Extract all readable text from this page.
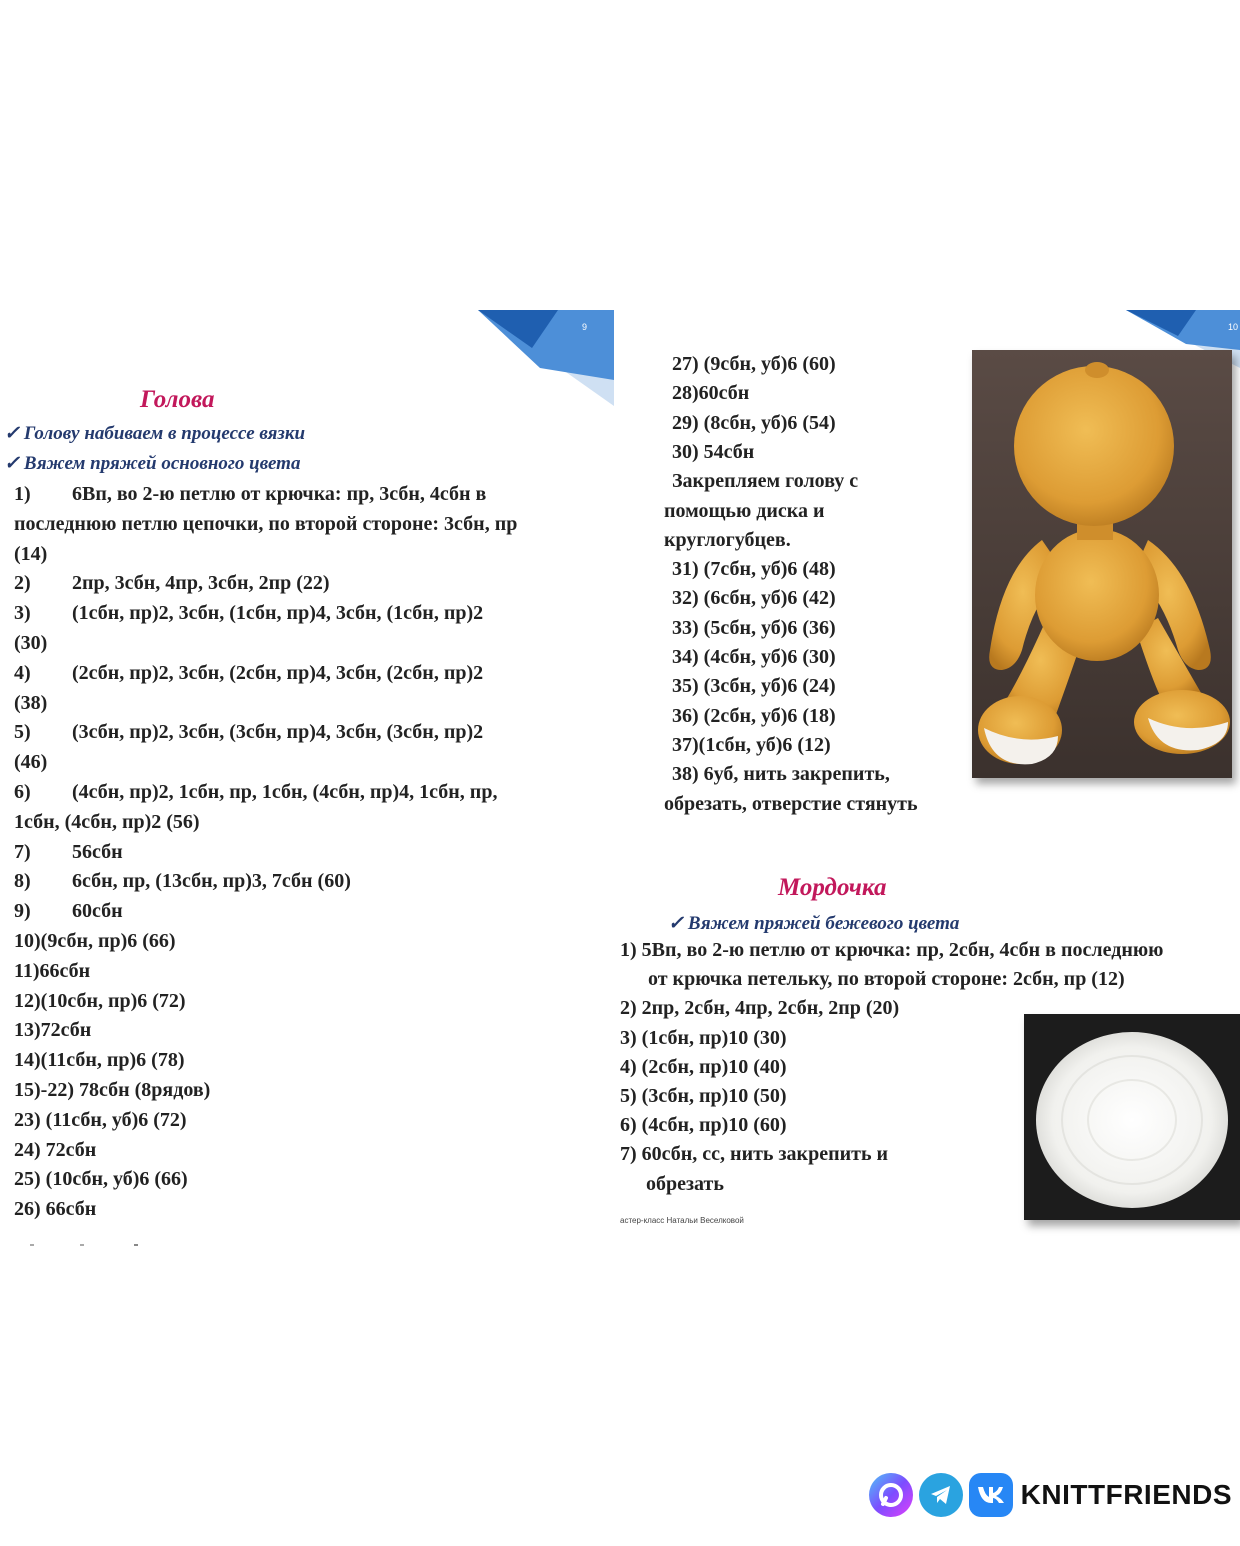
9
Голова
✓ Голову набиваем в процессе вязки
✓ Вяжем пряжей основного цвета
1) 6Вп, во 2-ю петлю от крючка: пр, 3сбн, 4сбн в
последнюю петлю цепочки, по второй стороне: 3сбн, пр
(14)
2) 2пр, 3сбн, 4пр, 3сбн, 2пр (22)
3) (1сбн, пр)2, 3сбн, (1сбн, пр)4, 3сбн, (1сбн, пр)2
(30)
4) (2сбн, пр)2, 3сбн, (2сбн, пр)4, 3сбн, (2сбн, пр)2
(38)
5) (3сбн, пр)2, 3сбн, (3сбн, пр)4, 3сбн, (3сбн, пр)2
(46)
6) (4сбн, пр)2, 1сбн, пр, 1сбн, (4сбн, пр)4, 1сбн, пр,
1сбн, (4сбн, пр)2 (56)
7) 56сбн
8) 6сбн, пр, (13сбн, пр)3, 7сбн (60)
9) 60сбн
10)(9сбн, пр)6 (66)
11)66сбн
12)(10сбн, пр)6 (72)
13)72сбн
14)(11сбн, пр)6 (78)
15)-22) 78сбн (8рядов)
23) (11сбн, уб)6 (72)
24) 72сбн
25) (10сбн, уб)6 (66)
26) 66сбн
10
27) (9сбн, уб)6 (60)
28)60сбн
29) (8сбн, уб)6 (54)
30) 54сбн
Закрепляем голову с
помощью диска и
круглогубцев.
31) (7сбн, уб)6 (48)
32) (6сбн, уб)6 (42)
33) (5сбн, уб)6 (36)
34) (4сбн, уб)6 (30)
35) (3сбн, уб)6 (24)
36) (2сбн, уб)6 (18)
37)(1сбн, уб)6 (12)
38) 6уб, нить закрепить,
обрезать, отверстие стянуть
Мордочка
✓ Вяжем пряжей бежевого цвета
1) 5Вп, во 2-ю петлю от крючка: пр, 2сбн, 4сбн в последнюю
от крючка петельку, по второй стороне: 2сбн, пр (12)
2) 2пр, 2сбн, 4пр, 2сбн, 2пр (20)
3) (1сбн, пр)10 (30)
4) (2сбн, пр)10 (40)
5) (3сбн, пр)10 (50)
6) (4сбн, пр)10 (60)
7) 60сбн, сс, нить закрепить и
обрезать
астер-класс Натальи Веселковой
KNITTFRIENDS
